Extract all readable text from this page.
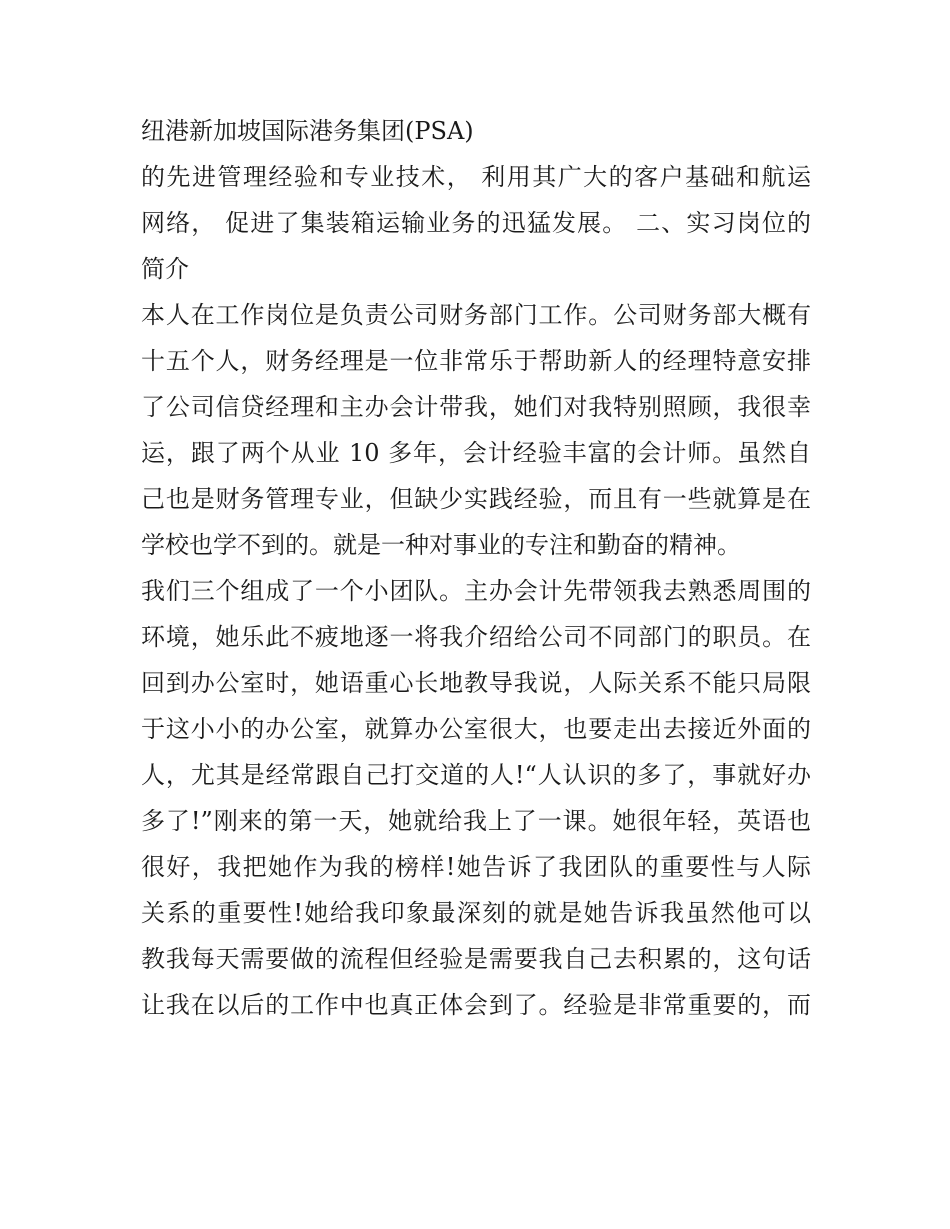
纽港新加坡国际港务集团(PSA)
的先进管理经验和专业技术， 利用其广大的客户基础和航运
网络， 促进了集装箱运输业务的迅猛发展。 二、实习岗位的
简介
本人在工作岗位是负责公司财务部门工作。公司财务部大概有
十五个人，财务经理是一位非常乐于帮助新人的经理特意安排
了公司信贷经理和主办会计带我，她们对我特别照顾，我很幸
运，跟了两个从业 10 多年，会计经验丰富的会计师。虽然自
己也是财务管理专业，但缺少实践经验，而且有一些就算是在
学校也学不到的。就是一种对事业的专注和勤奋的精神。
我们三个组成了一个小团队。主办会计先带领我去熟悉周围的
环境，她乐此不疲地逐一将我介绍给公司不同部门的职员。在
回到办公室时，她语重心长地教导我说，人际关系不能只局限
于这小小的办公室，就算办公室很大，也要走出去接近外面的
人，尤其是经常跟自己打交道的人!“人认识的多了，事就好办
多了!”刚来的第一天，她就给我上了一课。她很年轻，英语也
很好，我把她作为我的榜样!她告诉了我团队的重要性与人际
关系的重要性!她给我印象最深刻的就是她告诉我虽然他可以
教我每天需要做的流程但经验是需要我自己去积累的，这句话
让我在以后的工作中也真正体会到了。经验是非常重要的，而
